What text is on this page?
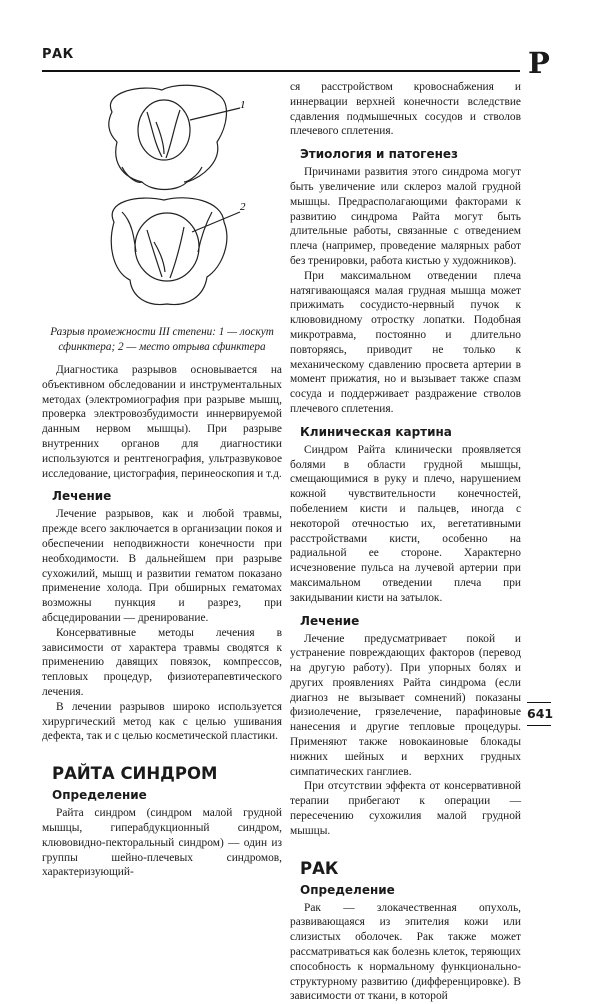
РАК	Р
1
2
Разрыв промежности III степени: 1 — лоскут сфинктера; 2 — место отрыва сфинктера

Диагностика разрывов основывается на объективном обследовании и инструментальных методах (электромиография при разрыве мышц, проверка электровозбудимости иннервируемой данным нервом мышцы). При разрыве внутренних органов для диагностики используются и рентгенография, ультразвуковое исследование, цистография, перинеоскопия и т.д.

Лечение

Лечение разрывов, как и любой травмы, прежде всего заключается в организации покоя и обеспечении неподвижности конечности при необходимости. В дальнейшем при разрыве сухожилий, мышц и развитии гематом показано применение холода. При обширных гематомах возможны пункция и разрез, при абсцедировании — дренирование.

Консервативные методы лечения в зависимости от характера травмы сводятся к применению давящих повязок, компрессов, тепловых процедур, физиотерапевтического лечения.

В лечении разрывов широко используется хирургический метод как с целью ушивания дефекта, так и с целью косметической пластики.

РАЙТА СИНДРОМ
Определение

Райта синдром (синдром малой грудной мышцы, гиперабдукционный синдром, клювовидно-пекторальный синдром) — один из группы шейно-плечевых синдромов, характеризующий-

ся расстройством кровоснабжения и иннервации верхней конечности вследствие сдавления подмышечных сосудов и стволов плечевого сплетения.

Этиология и патогенез

Причинами развития этого синдрома могут быть увеличение или склероз малой грудной мышцы. Предрасполагающими факторами к развитию синдрома Райта могут быть длительные работы, связанные с отведением плеча (например, проведение малярных работ без тренировки, работа кистью у художников).

При максимальном отведении плеча натягивающаяся малая грудная мышца может прижимать сосудисто-нервный пучок к клювовидному отростку лопатки. Подобная микротравма, постоянно и длительно повторяясь, приводит не только к механическому сдавлению просвета артерии в момент прижатия, но и вызывает также спазм сосуда и поддерживает раздражение стволов плечевого сплетения.

Клиническая картина

Синдром Райта клинически проявляется болями в области грудной мышцы, смещающимися в руку и плечо, нарушением кожной чувствительности конечностей, побелением кисти и пальцев, иногда с некоторой отечностью их, вегетативными расстройствами кисти, особенно на радиальной ее стороне. Характерно исчезновение пульса на лучевой артерии при максимальном отведении плеча при закидывании кисти на затылок.

Лечение

Лечение предусматривает покой и устранение повреждающих факторов (перевод на другую работу). При упорных болях и других проявлениях Райта синдрома (если диагноз не вызывает сомнений) показаны физиолечение, грязелечение, парафиновые нанесения и другие тепловые процедуры. Применяют также новокаиновые блокады нижних шейных и верхних грудных симпатических ганглиев.

При отсутствии эффекта от консервативной терапии прибегают к операции — пересечению сухожилия малой грудной мышцы.

РАК
Определение

Рак — злокачественная опухоль, развивающаяся из эпителия кожи или слизистых оболочек. Рак также может рассматриваться как болезнь клеток, теряющих способность к нормальному функционально-структурному развитию (дифференцировке). В зависимости от ткани, в которой

641
